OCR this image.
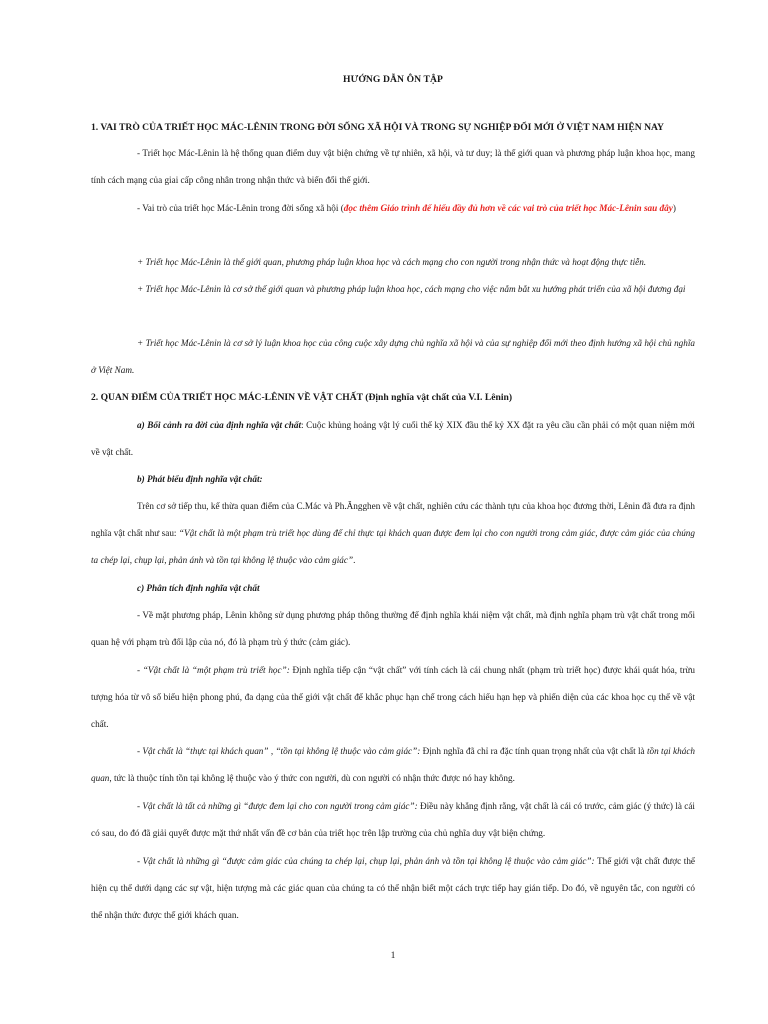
HƯỚNG DẪN ÔN TẬP
1. VAI TRÒ CỦA TRIẾT HỌC MÁC-LÊNIN TRONG ĐỜI SỐNG XÃ HỘI VÀ TRONG SỰ NGHIỆP ĐỔI MỚI Ở VIỆT NAM HIỆN NAY
- Triết học Mác-Lênin là hệ thống quan điểm duy vật biện chứng về tự nhiên, xã hội, và tư duy; là thế giới quan và phương pháp luận khoa học, mang tính cách mạng của giai cấp công nhân trong nhận thức và biến đổi thế giới.
- Vai trò của triết học Mác-Lênin trong đời sống xã hội (đọc thêm Giáo trình để hiểu đầy đủ hơn về các vai trò của triết học Mác-Lênin sau đây)
+ Triết học Mác-Lênin là thế giới quan, phương pháp luận khoa học và cách mạng cho con người trong nhận thức và hoạt động thực tiễn.
+ Triết học Mác-Lênin là cơ sở thế giới quan và phương pháp luận khoa học, cách mạng cho việc nắm bắt xu hướng phát triển của xã hội đương đại
+ Triết học Mác-Lênin là cơ sở lý luận khoa học của công cuộc xây dựng chủ nghĩa xã hội và của sự nghiệp đổi mới theo định hướng xã hội chủ nghĩa ở Việt Nam.
2. QUAN ĐIỂM CỦA TRIẾT HỌC MÁC-LÊNIN VỀ VẬT CHẤT (Định nghĩa vật chất của V.I. Lênin)
a) Bối cảnh ra đời của định nghĩa vật chất: Cuộc khủng hoảng vật lý cuối thế kỷ XIX đầu thế kỷ XX đặt ra yêu cầu cần phải có một quan niệm mới về vật chất.
b) Phát biểu định nghĩa vật chất:
Trên cơ sở tiếp thu, kế thừa quan điểm của C.Mác và Ph.Ăngghen về vật chất, nghiên cứu các thành tựu của khoa học đương thời, Lênin đã đưa ra định nghĩa vật chất như sau: “Vật chất là một phạm trù triết học dùng để chỉ thực tại khách quan được đem lại cho con người trong cảm giác, được cảm giác của chúng ta chép lại, chụp lại, phản ánh và tồn tại không lệ thuộc vào cảm giác”.
c) Phân tích định nghĩa vật chất
- Về mặt phương pháp, Lênin không sử dụng phương pháp thông thường để định nghĩa khái niệm vật chất, mà định nghĩa phạm trù vật chất trong mối quan hệ với phạm trù đối lập của nó, đó là phạm trù ý thức (cảm giác).
- “Vật chất là “một phạm trù triết học”: Định nghĩa tiếp cận “vật chất” với tính cách là cái chung nhất (phạm trù triết học) được khái quát hóa, trừu tượng hóa từ vô số biểu hiện phong phú, đa dạng của thế giới vật chất để khắc phục hạn chế trong cách hiểu hạn hẹp và phiến diện của các khoa học cụ thể về vật chất.
- Vật chất là “thực tại khách quan” , “tồn tại không lệ thuộc vào cảm giác”: Định nghĩa đã chỉ ra đặc tính quan trọng nhất của vật chất là tồn tại khách quan, tức là thuộc tính tồn tại không lệ thuộc vào ý thức con người, dù con người có nhận thức được nó hay không.
- Vật chất là tất cả những gì “được đem lại cho con người trong cảm giác”: Điều này khẳng định rằng, vật chất là cái có trước, cảm giác (ý thức) là cái có sau, do đó đã giải quyết được mặt thứ nhất vấn đề cơ bản của triết học trên lập trường của chủ nghĩa duy vật biện chứng.
- Vật chất là những gì “được cảm giác của chúng ta chép lại, chụp lại, phản ánh và tồn tại không lệ thuộc vào cảm giác”: Thế giới vật chất được thể hiện cụ thể dưới dạng các sự vật, hiện tượng mà các giác quan của chúng ta có thể nhận biết một cách trực tiếp hay gián tiếp. Do đó, về nguyên tắc, con người có thể nhận thức được thế giới khách quan.
1
